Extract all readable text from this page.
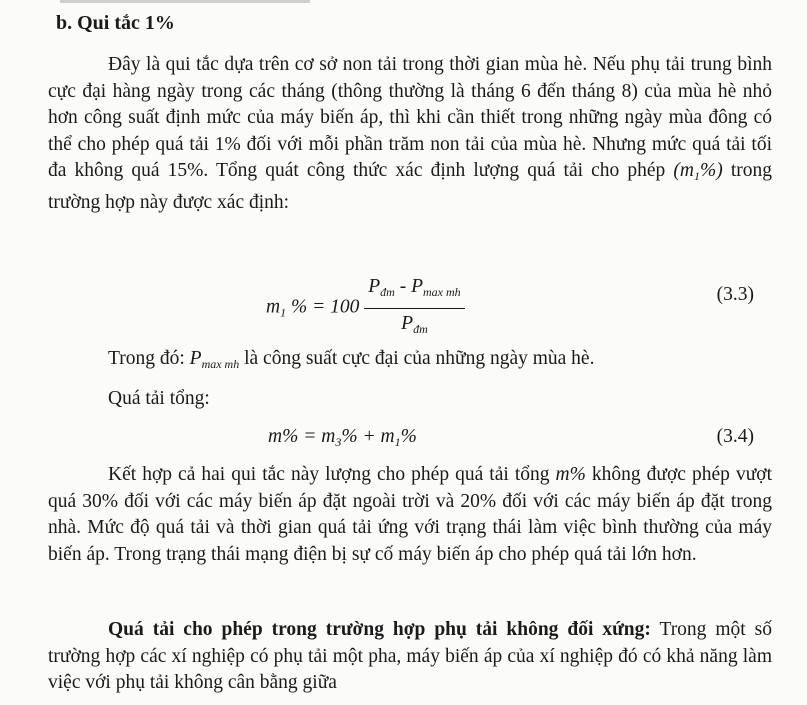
b. Qui tắc 1%

Đây là qui tắc dựa trên cơ sở non tải trong thời gian mùa hè. Nếu phụ tải trung bình cực đại hàng ngày trong các tháng (thông thường là tháng 6 đến tháng 8) của mùa hè nhỏ hơn công suất định mức của máy biến áp, thì khi cần thiết trong những ngày mùa đông có thể cho phép quá tải 1% đối với mỗi phần trăm non tải của mùa hè. Nhưng mức quá tải tối đa không quá 15%. Tổng quát công thức xác định lượng quá tải cho phép $(m_1\%)$ trong trường hợp này được xác định:

$m_1$ % = $100 \frac{P_{đm} - P_{max mh}}{P_{đm}}$	(3.3)

Trong đó: $P_{max mh}$ là công suất cực đại của những ngày mùa hè.

Quá tải tổng:

$m\% = m_3\% + m_1\%$	(3.4)

Kết hợp cả hai qui tắc này lượng cho phép quá tải tổng m% không được phép vượt quá 30% đối với các máy biến áp đặt ngoài trời và 20% đối với các máy biến áp đặt trong nhà. Mức độ quá tải và thời gian quá tải ứng với trạng thái làm việc bình thường của máy biến áp. Trong trạng thái mạng điện bị sự cố máy biến áp cho phép quá tải lớn hơn.

Quá tải cho phép trong trường hợp phụ tải không đối xứng: Trong một số trường hợp các xí nghiệp có phụ tải một pha, máy biến áp của xí nghiệp đó có khả năng làm việc với phụ tải không cân bằng giữa
